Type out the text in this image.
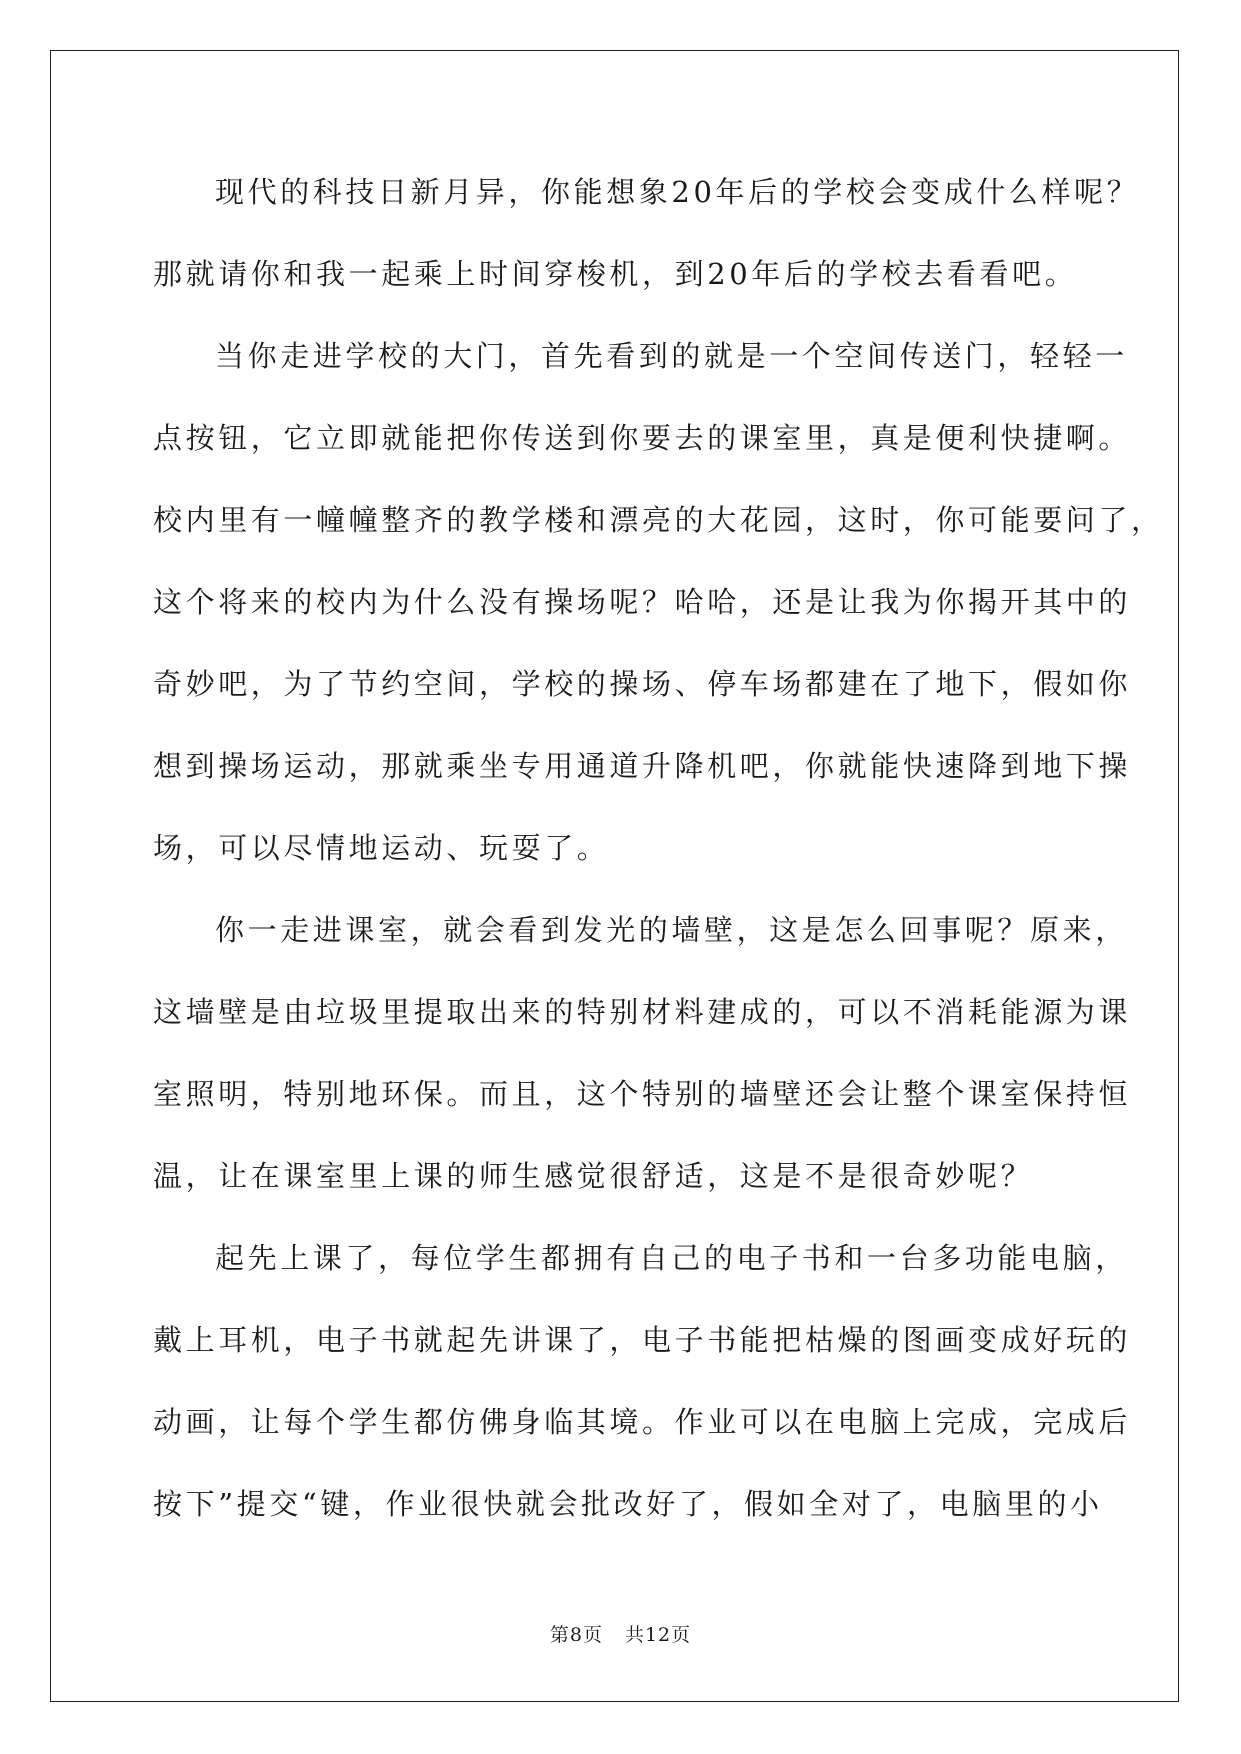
现代的科技日新月异，你能想象20年后的学校会变成什么样呢？
那就请你和我一起乘上时间穿梭机，到20年后的学校去看看吧。
当你走进学校的大门，首先看到的就是一个空间传送门，轻轻一
点按钮，它立即就能把你传送到你要去的课室里，真是便利快捷啊。
校内里有一幢幢整齐的教学楼和漂亮的大花园，这时，你可能要问了，
这个将来的校内为什么没有操场呢？哈哈，还是让我为你揭开其中的
奇妙吧，为了节约空间，学校的操场、停车场都建在了地下，假如你
想到操场运动，那就乘坐专用通道升降机吧，你就能快速降到地下操
场，可以尽情地运动、玩耍了。
你一走进课室，就会看到发光的墙壁，这是怎么回事呢？原来，
这墙壁是由垃圾里提取出来的特别材料建成的，可以不消耗能源为课
室照明，特别地环保。而且，这个特别的墙壁还会让整个课室保持恒
温，让在课室里上课的师生感觉很舒适，这是不是很奇妙呢？
起先上课了，每位学生都拥有自己的电子书和一台多功能电脑，
戴上耳机，电子书就起先讲课了，电子书能把枯燥的图画变成好玩的
动画，让每个学生都仿佛身临其境。作业可以在电脑上完成，完成后
按下”提交“键，作业很快就会批改好了，假如全对了，电脑里的小
第8页 共12页
